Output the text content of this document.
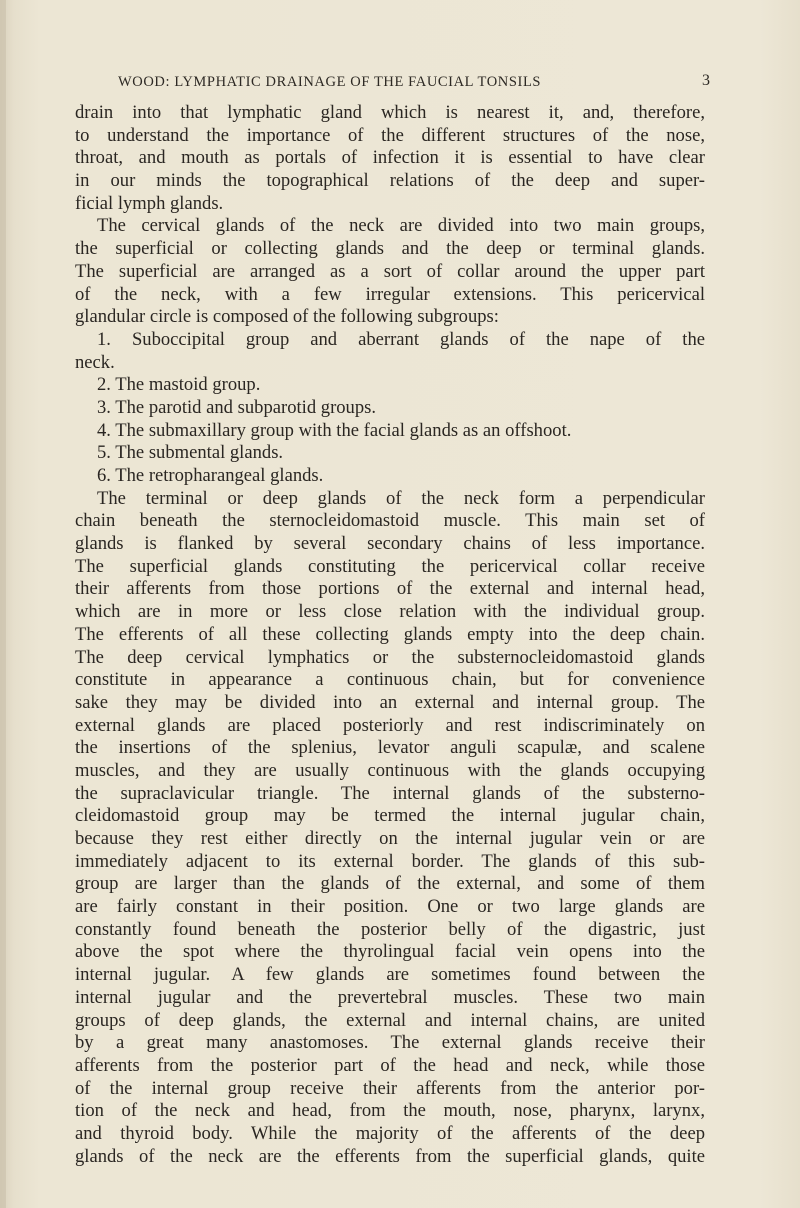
WOOD: LYMPHATIC DRAINAGE OF THE FAUCIAL TONSILS	3
drain into that lymphatic gland which is nearest it, and, therefore,
to understand the importance of the different structures of the nose,
throat, and mouth as portals of infection it is essential to have clear
in our minds the topographical relations of the deep and super-
ficial lymph glands.
The cervical glands of the neck are divided into two main groups,
the superficial or collecting glands and the deep or terminal glands.
The superficial are arranged as a sort of collar around the upper part
of the neck, with a few irregular extensions. This pericervical
glandular circle is composed of the following subgroups:
1. Suboccipital group and aberrant glands of the nape of the
neck.
2. The mastoid group.
3. The parotid and subparotid groups.
4. The submaxillary group with the facial glands as an offshoot.
5. The submental glands.
6. The retropharangeal glands.
The terminal or deep glands of the neck form a perpendicular
chain beneath the sternocleidomastoid muscle. This main set of
glands is flanked by several secondary chains of less importance.
The superficial glands constituting the pericervical collar receive
their afferents from those portions of the external and internal head,
which are in more or less close relation with the individual group.
The efferents of all these collecting glands empty into the deep chain.
The deep cervical lymphatics or the substernocleidomastoid glands
constitute in appearance a continuous chain, but for convenience
sake they may be divided into an external and internal group. The
external glands are placed posteriorly and rest indiscriminately on
the insertions of the splenius, levator anguli scapulæ, and scalene
muscles, and they are usually continuous with the glands occupying
the supraclavicular triangle. The internal glands of the substerno-
cleidomastoid group may be termed the internal jugular chain,
because they rest either directly on the internal jugular vein or are
immediately adjacent to its external border. The glands of this sub-
group are larger than the glands of the external, and some of them
are fairly constant in their position. One or two large glands are
constantly found beneath the posterior belly of the digastric, just
above the spot where the thyrolingual facial vein opens into the
internal jugular. A few glands are sometimes found between the
internal jugular and the prevertebral muscles. These two main
groups of deep glands, the external and internal chains, are united
by a great many anastomoses. The external glands receive their
afferents from the posterior part of the head and neck, while those
of the internal group receive their afferents from the anterior por-
tion of the neck and head, from the mouth, nose, pharynx, larynx,
and thyroid body. While the majority of the afferents of the deep
glands of the neck are the efferents from the superficial glands, quite
